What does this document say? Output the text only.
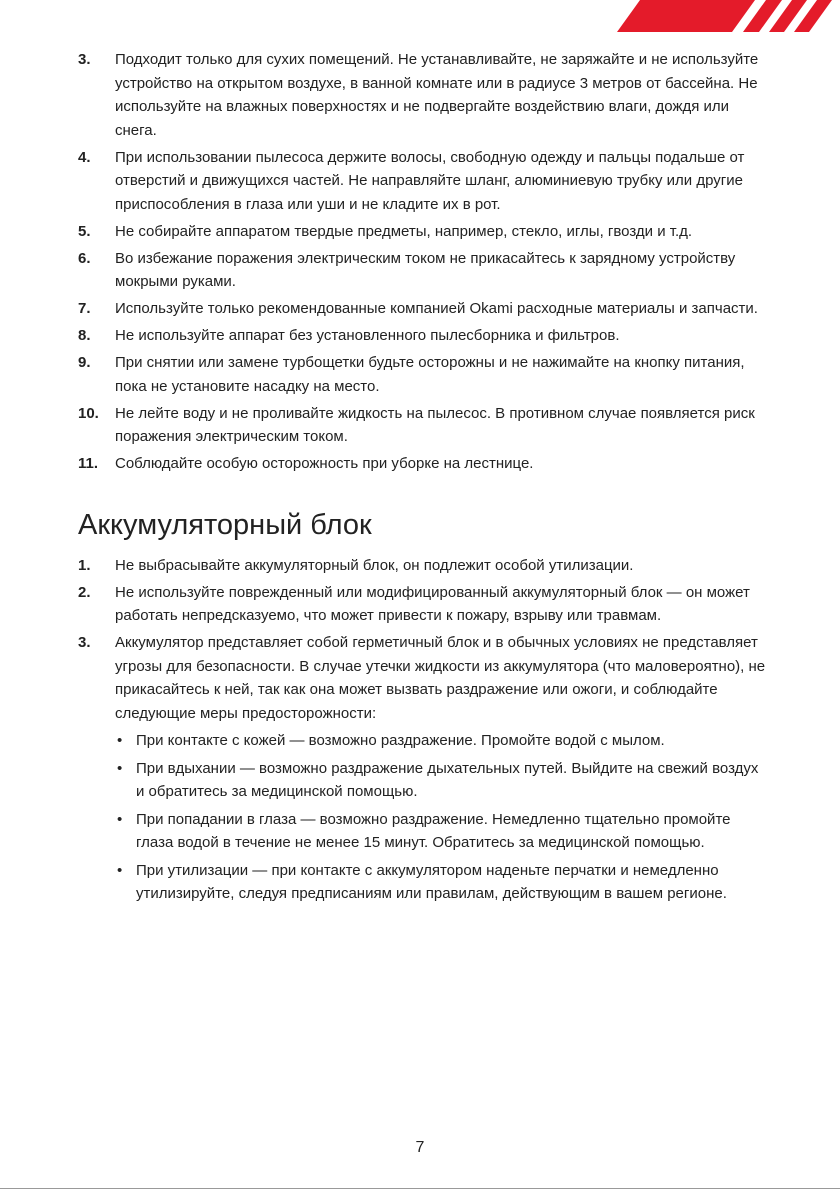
3. Подходит только для сухих помещений. Не устанавливайте, не заряжайте и не используйте устройство на открытом воздухе, в ванной комнате или в радиусе 3 метров от бассейна. Не используйте на влажных поверхностях и не подвергайте воздействию влаги, дождя или снега.
4. При использовании пылесоса держите волосы, свободную одежду и пальцы подальше от отверстий и движущихся частей. Не направляйте шланг, алюминиевую трубку или другие приспособления в глаза или уши и не кладите их в рот.
5. Не собирайте аппаратом твердые предметы, например, стекло, иглы, гвозди и т.д.
6. Во избежание поражения электрическим током не прикасайтесь к зарядному устройству мокрыми руками.
7. Используйте только рекомендованные компанией Okami расходные материалы и запчасти.
8. Не используйте аппарат без установленного пылесборника и фильтров.
9. При снятии или замене турбощетки будьте осторожны и не нажимайте на кнопку питания, пока не установите насадку на место.
10. Не лейте воду и не проливайте жидкость на пылесос. В противном случае появляется риск поражения электрическим током.
11. Соблюдайте особую осторожность при уборке на лестнице.
Аккумуляторный блок
1. Не выбрасывайте аккумуляторный блок, он подлежит особой утилизации.
2. Не используйте поврежденный или модифицированный аккумуляторный блок — он может работать непредсказуемо, что может привести к пожару, взрыву или травмам.
3. Аккумулятор представляет собой герметичный блок и в обычных условиях не представляет угрозы для безопасности. В случае утечки жидкости из аккумулятора (что маловероятно), не прикасайтесь к ней, так как она может вызвать раздражение или ожоги, и соблюдайте следующие меры предосторожности:
• При контакте с кожей — возможно раздражение. Промойте водой с мылом.
• При вдыхании — возможно раздражение дыхательных путей. Выйдите на свежий воздух и обратитесь за медицинской помощью.
• При попадании в глаза — возможно раздражение. Немедленно тщательно промойте глаза водой в течение не менее 15 минут. Обратитесь за медицинской помощью.
• При утилизации — при контакте с аккумулятором наденьте перчатки и немедленно утилизируйте, следуя предписаниям или правилам, действующим в вашем регионе.
7
